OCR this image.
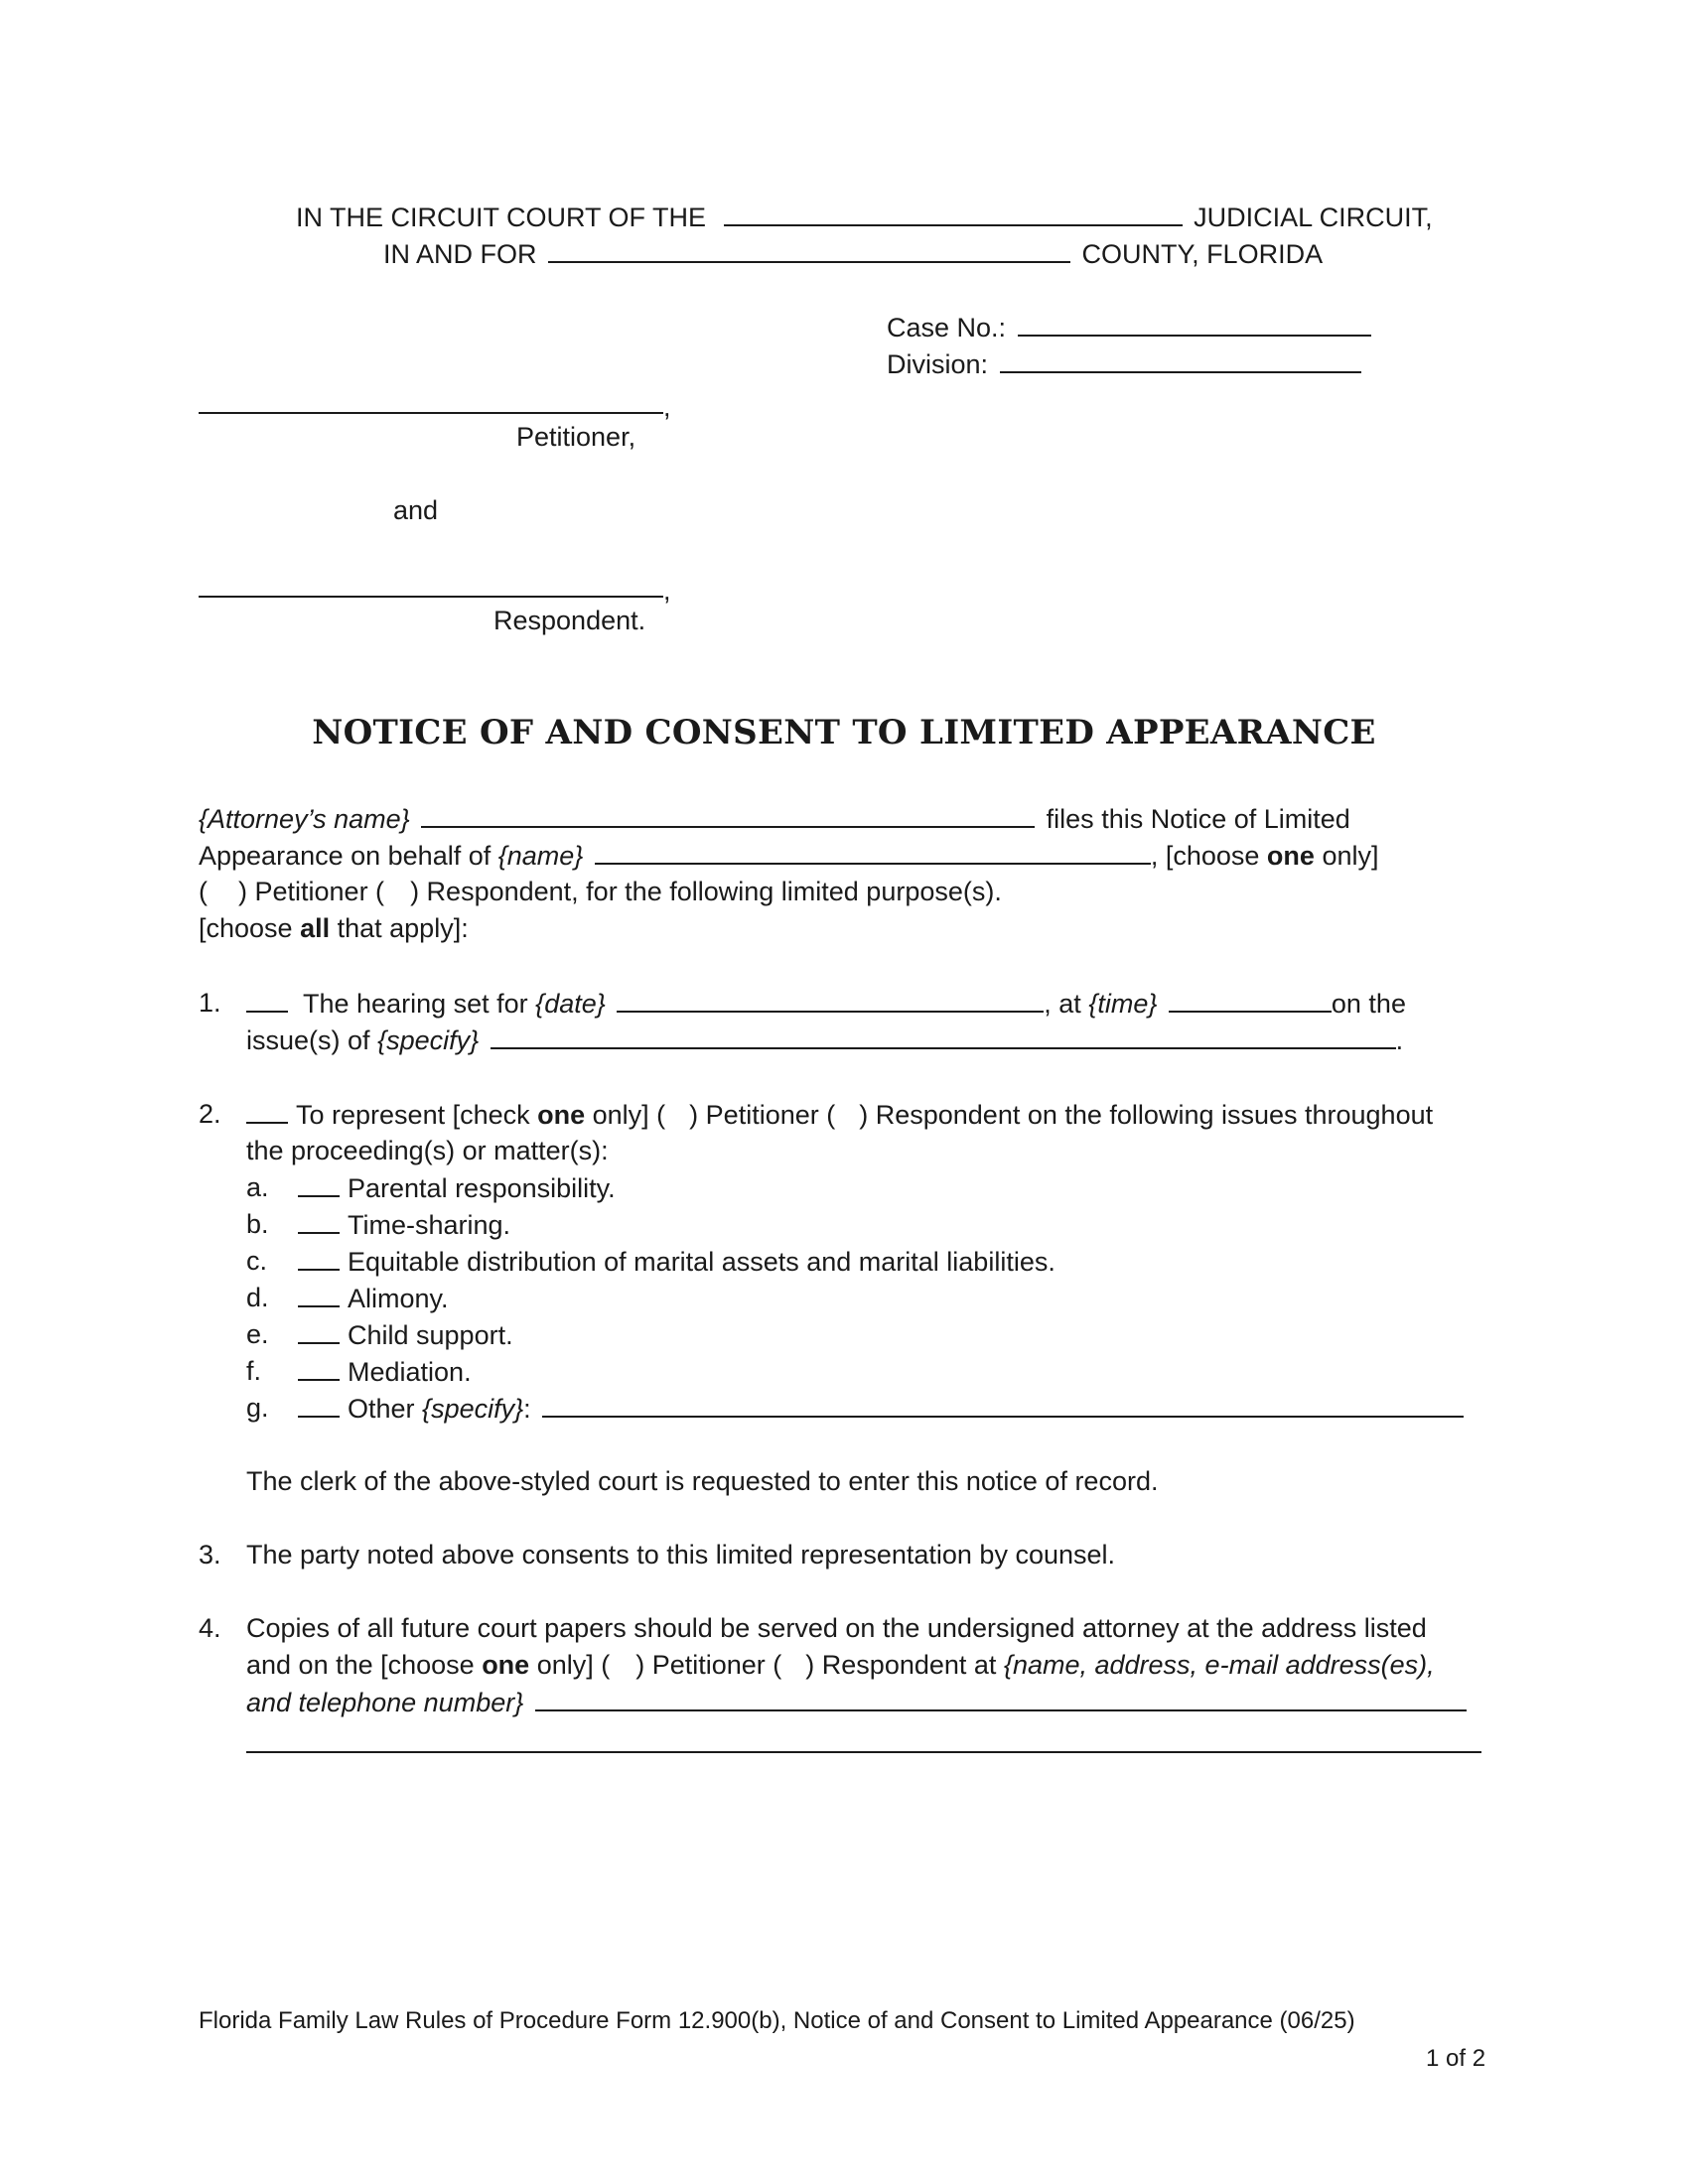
IN THE CIRCUIT COURT OF THE	JUDICIAL CIRCUIT,
IN AND FOR	COUNTY, FLORIDA
Case No.:
Division:
,
Petitioner,
and
,
Respondent.
NOTICE OF AND CONSENT TO LIMITED APPEARANCE
{Attorney’s name}	files this Notice of Limited
Appearance on behalf of {name}	, [choose one only]
( ) Petitioner ( ) Respondent, for the following limited purpose(s).
[choose all that apply]:
1.	The hearing set for {date}	, at {time}	on the
issue(s) of {specify}	.
2.	To represent [check one only] ( ) Petitioner ( ) Respondent on the following issues throughout
the proceeding(s) or matter(s):
a.	Parental responsibility.
b.	Time-sharing.
c.	Equitable distribution of marital assets and marital liabilities.
d.	Alimony.
e.	Child support.
f.	Mediation.
g.	Other {specify}:
The clerk of the above-styled court is requested to enter this notice of record.
3. The party noted above consents to this limited representation by counsel.
4. Copies of all future court papers should be served on the undersigned attorney at the address listed
and on the [choose one only] ( ) Petitioner ( ) Respondent at {name, address, e-mail address(es),
and telephone number}
Florida Family Law Rules of Procedure Form 12.900(b), Notice of and Consent to Limited Appearance (06/25)
1 of 2
